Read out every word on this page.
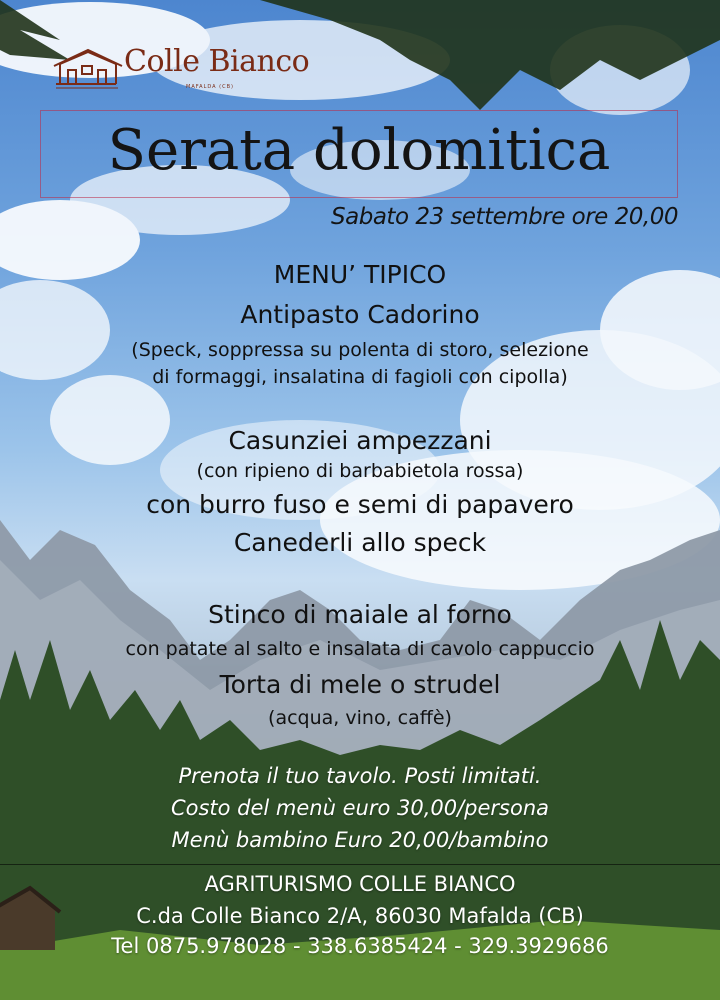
Colle Bianco
MAFALDA (CB)
Serata dolomitica
Sabato 23 settembre ore 20,00
MENU’ TIPICO
Antipasto Cadorino
(Speck, soppressa su polenta di storo, selezione
di formaggi, insalatina di fagioli con cipolla)
Casunziei ampezzani
(con ripieno di barbabietola rossa)
con burro fuso e semi di papavero
Canederli allo speck
Stinco di maiale al forno
con patate al salto e insalata di cavolo cappuccio
Torta di mele o strudel
(acqua, vino, caffè)
Prenota il tuo tavolo. Posti limitati.
Costo del menù euro 30,00/persona
Menù bambino Euro 20,00/bambino
AGRITURISMO COLLE BIANCO
C.da Colle Bianco 2/A, 86030 Mafalda (CB)
Tel 0875.978028 - 338.6385424 - 329.3929686
